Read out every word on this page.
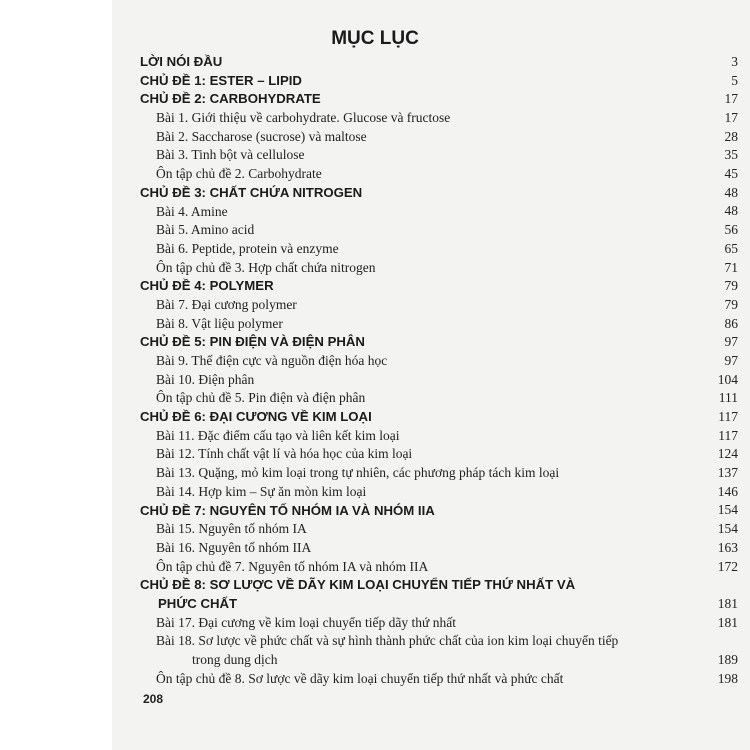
MỤC LỤC
LỜI NÓI ĐẦU	3
CHỦ ĐỀ 1: ESTER – LIPID	5
CHỦ ĐỀ 2: CARBOHYDRATE	17
Bài 1. Giới thiệu về carbohydrate. Glucose và fructose	17
Bài 2. Saccharose (sucrose) và maltose	28
Bài 3. Tinh bột và cellulose	35
Ôn tập chủ đề 2. Carbohydrate	45
CHỦ ĐỀ 3: CHẤT CHỨA NITROGEN	48
Bài 4. Amine	48
Bài 5. Amino acid	56
Bài 6. Peptide, protein và enzyme	65
Ôn tập chủ đề 3. Hợp chất chứa nitrogen	71
CHỦ ĐỀ 4: POLYMER	79
Bài 7. Đại cương polymer	79
Bài 8. Vật liệu polymer	86
CHỦ ĐỀ 5: PIN ĐIỆN VÀ ĐIỆN PHÂN	97
Bài 9. Thế điện cực và nguồn điện hóa học	97
Bài 10. Điện phân	104
Ôn tập chủ đề 5. Pin điện và điện phân	111
CHỦ ĐỀ 6: ĐẠI CƯƠNG VỀ KIM LOẠI	117
Bài 11. Đặc điểm cấu tạo và liên kết kim loại	117
Bài 12. Tính chất vật lí và hóa học của kim loại	124
Bài 13. Quặng, mỏ kim loại trong tự nhiên, các phương pháp tách kim loại	137
Bài 14. Hợp kim – Sự ăn mòn kim loại	146
CHỦ ĐỀ 7: NGUYÊN TỐ NHÓM IA VÀ NHÓM IIA	154
Bài 15. Nguyên tố nhóm IA	154
Bài 16. Nguyên tố nhóm IIA	163
Ôn tập chủ đề 7. Nguyên tố nhóm IA và nhóm IIA	172
CHỦ ĐỀ 8: SƠ LƯỢC VỀ DÃY KIM LOẠI CHUYỂN TIẾP THỨ NHẤT VÀ
PHỨC CHẤT	181
Bài 17. Đại cương về kim loại chuyển tiếp dãy thứ nhất	181
Bài 18. Sơ lược về phức chất và sự hình thành phức chất của ion kim loại chuyển tiếp
trong dung dịch	189
Ôn tập chủ đề 8. Sơ lược về dãy kim loại chuyển tiếp thứ nhất và phức chất	198
208
